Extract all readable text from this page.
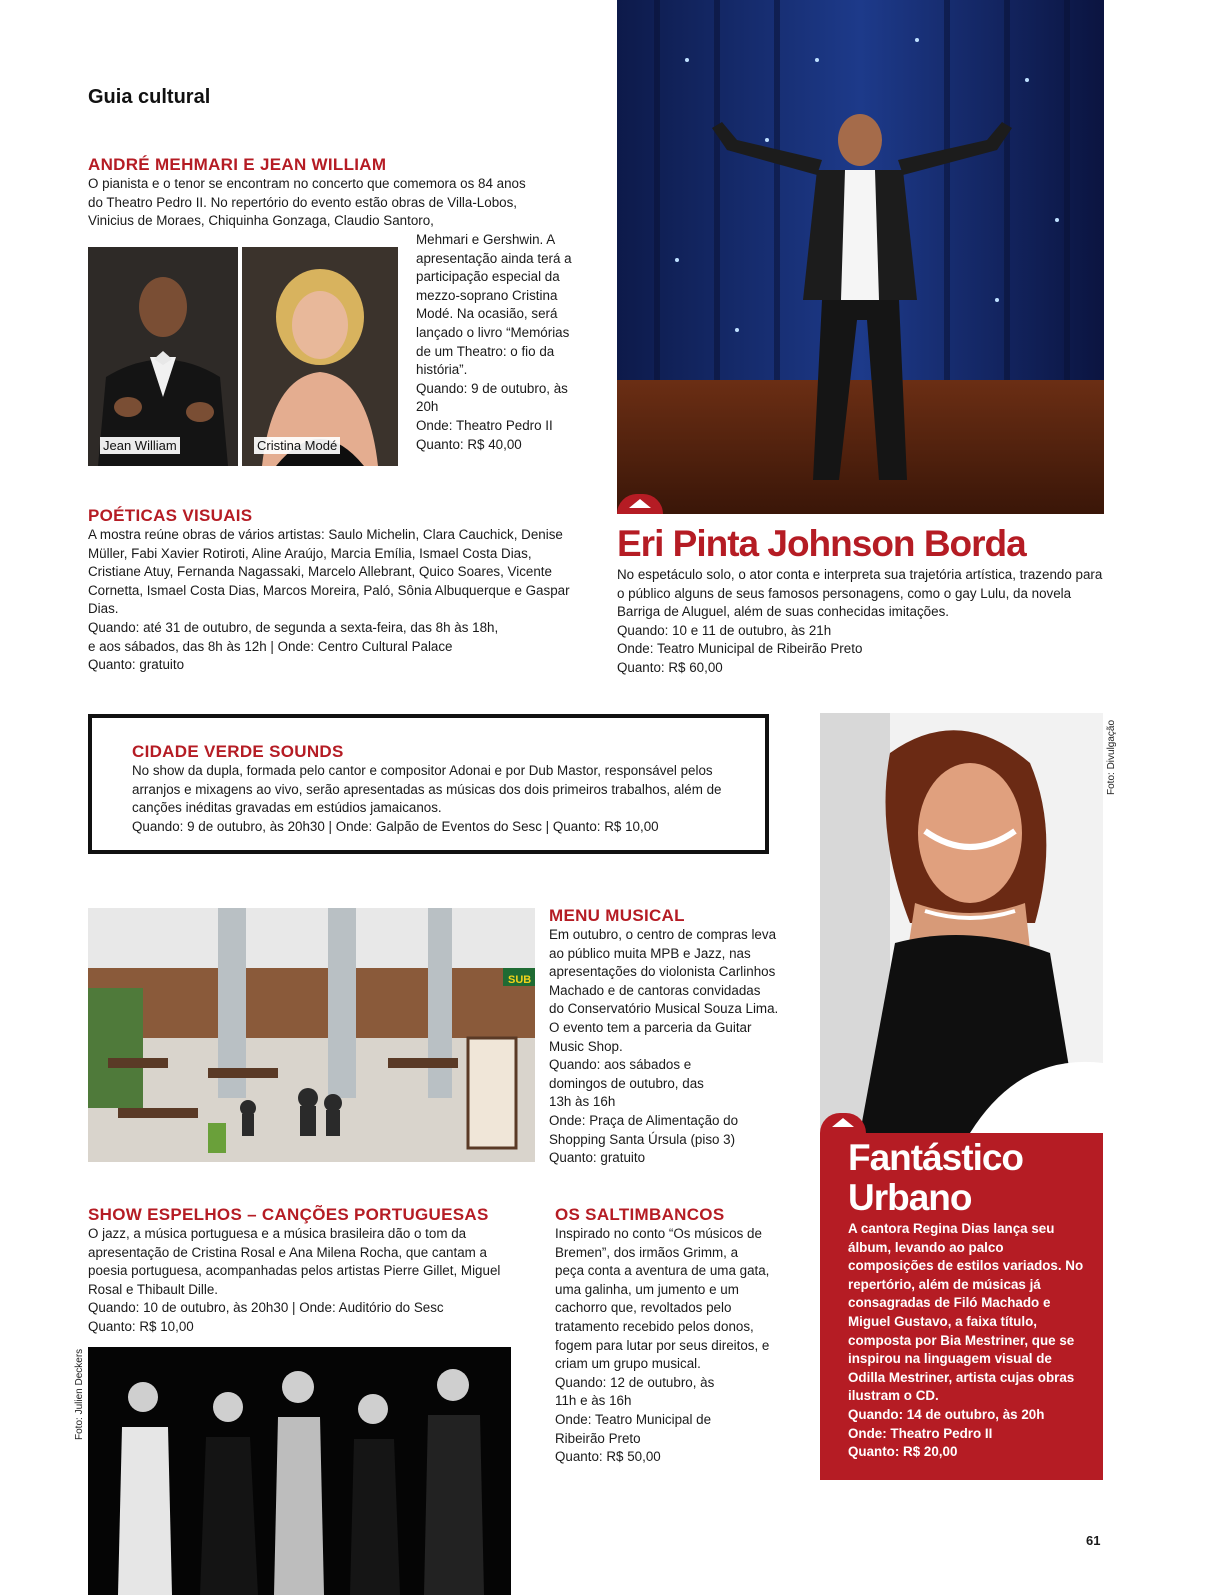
Guia cultural
ANDRÉ MEHMARI E JEAN WILLIAM

O pianista e o tenor se encontram no concerto que comemora os 84 anos do Theatro Pedro II. No repertório do evento estão obras de Villa-Lobos, Vinicius de Moraes, Chiquinha Gonzaga, Claudio Santoro,

Jean William	Cristina Modé

Mehmari e Gershwin. A apresentação ainda terá a participação especial da mezzo-soprano Cristina Modé. Na ocasião, será lançado o livro “Memórias de um Theatro: o fio da história”.

Quando: 9 de outubro, às 20h

Onde: Theatro Pedro II

Quanto: R$ 40,00

Eri Pinta Johnson Borda

No espetáculo solo, o ator conta e interpreta sua trajetória artística, trazendo para o público alguns de seus famosos personagens, como o gay Lulu, da novela Barriga de Aluguel, além de suas conhecidas imitações.

Quando: 10 e 11 de outubro, às 21h

Onde: Teatro Municipal de Ribeirão Preto

Quanto: R$ 60,00

POÉTICAS VISUAIS

A mostra reúne obras de vários artistas: Saulo Michelin, Clara Cauchick, Denise Müller, Fabi Xavier Rotiroti, Aline Araújo, Marcia Emília, Ismael Costa Dias, Cristiane Atuy, Fernanda Nagassaki, Marcelo Allebrant, Quico Soares, Vicente Cornetta, Ismael Costa Dias, Marcos Moreira, Paló, Sônia Albuquerque e Gaspar Dias.

Quando: até 31 de outubro, de segunda a sexta-feira, das 8h às 18h,

e aos sábados, das 8h às 12h | Onde: Centro Cultural Palace

Quanto: gratuito

CIDADE VERDE SOUNDS

No show da dupla, formada pelo cantor e compositor Adonai e por Dub Mastor, responsável pelos arranjos e mixagens ao vivo, serão apresentadas as músicas dos dois primeiros trabalhos, além de canções inéditas gravadas em estúdios jamaicanos.

Quando: 9 de outubro, às 20h30 | Onde: Galpão de Eventos do Sesc | Quanto: R$ 10,00

SUB
MENU MUSICAL

Em outubro, o centro de compras leva ao público muita MPB e Jazz, nas apresentações do violonista Carlinhos Machado e de cantoras convidadas do Conservatório Musical Souza Lima. O evento tem a parceria da Guitar Music Shop.

Quando: aos sábados e domingos de outubro, das 13h às 16h

Onde: Praça de Alimentação do Shopping Santa Úrsula (piso 3)

Quanto: gratuito

SHOW ESPELHOS – CANÇÕES PORTUGUESAS

O jazz, a música portuguesa e a música brasileira dão o tom da apresentação de Cristina Rosal e Ana Milena Rocha, que cantam a poesia portuguesa, acompanhadas pelos artistas Pierre Gillet, Miguel Rosal e Thibault Dille.

Quando: 10 de outubro, às 20h30 | Onde: Auditório do Sesc

Quanto: R$ 10,00

Foto: Julien Deckers
OS SALTIMBANCOS

Inspirado no conto “Os músicos de Bremen”, dos irmãos Grimm, a peça conta a aventura de uma gata, uma galinha, um jumento e um cachorro que, revoltados pelo tratamento recebido pelos donos, fogem para lutar por seus direitos, e criam um grupo musical.

Quando: 12 de outubro, às 11h e às 16h

Onde: Teatro Municipal de Ribeirão Preto

Quanto: R$ 50,00

Foto: Divulgação
Fantástico
Urbano

A cantora Regina Dias lança seu álbum, levando ao palco composições de estilos variados. No repertório, além de músicas já consagradas de Filó Machado e Miguel Gustavo, a faixa título, composta por Bia Mestriner, que se inspirou na linguagem visual de Odilla Mestriner, artista cujas obras ilustram o CD.

Quando: 14 de outubro, às 20h

Onde: Theatro Pedro II

Quanto: R$ 20,00

61
